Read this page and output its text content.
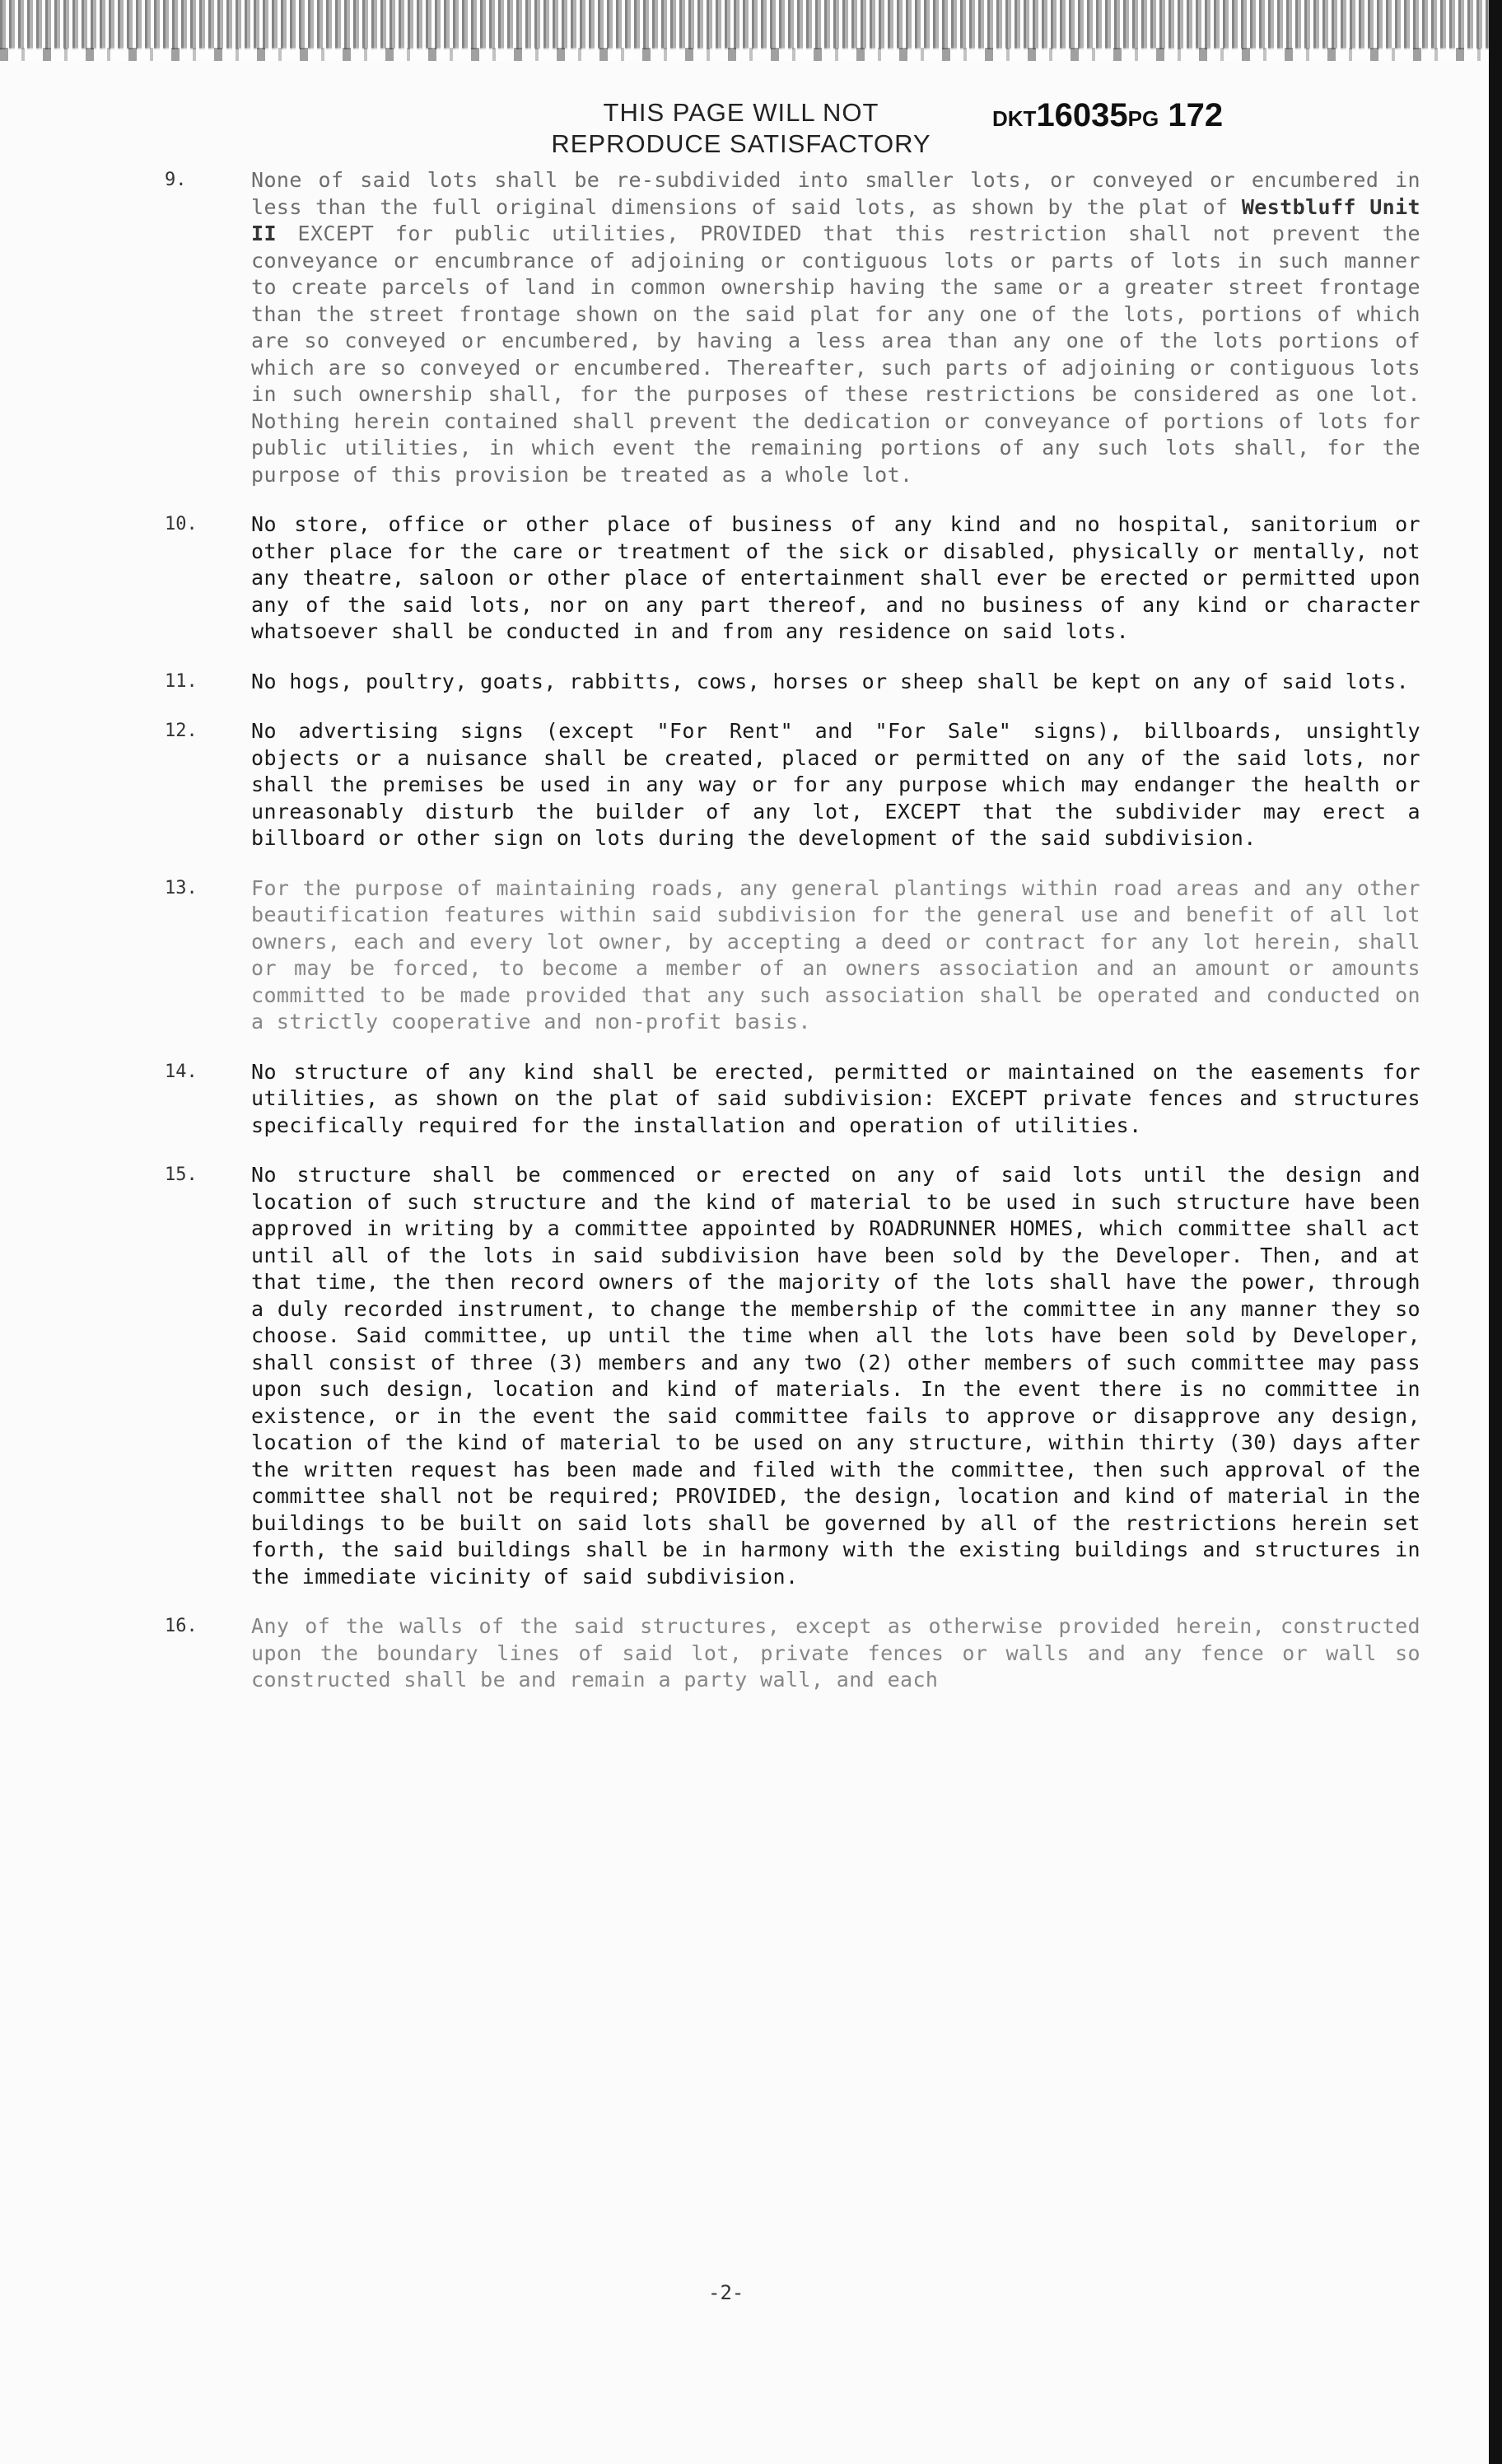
THIS PAGE WILL NOT
REPRODUCE SATISFACTORY
DKT16035PG 172
9.	None of said lots shall be re-subdivided into smaller lots, or conveyed or encumbered in less than the full original dimensions of said lots, as shown by the plat of Westbluff Unit II EXCEPT for public utilities, PROVIDED that this restriction shall not prevent the conveyance or encumbrance of adjoining or contiguous lots or parts of lots in such manner to create parcels of land in common ownership having the same or a greater street frontage than the street frontage shown on the said plat for any one of the lots, portions of which are so conveyed or encumbered, by having a less area than any one of the lots portions of which are so conveyed or encumbered. Thereafter, such parts of adjoining or contiguous lots in such ownership shall, for the purposes of these restrictions be considered as one lot. Nothing herein contained shall prevent the dedication or conveyance of portions of lots for public utilities, in which event the remaining portions of any such lots shall, for the purpose of this provision be treated as a whole lot.
10.	No store, office or other place of business of any kind and no hospital, sanitorium or other place for the care or treatment of the sick or disabled, physically or mentally, not any theatre, saloon or other place of entertainment shall ever be erected or permitted upon any of the said lots, nor on any part thereof, and no business of any kind or character whatsoever shall be conducted in and from any residence on said lots.
11.	No hogs, poultry, goats, rabbitts, cows, horses or sheep shall be kept on any of said lots.
12.	No advertising signs (except "For Rent" and "For Sale" signs), billboards, unsightly objects or a nuisance shall be created, placed or permitted on any of the said lots, nor shall the premises be used in any way or for any purpose which may endanger the health or unreasonably disturb the builder of any lot, EXCEPT that the subdivider may erect a billboard or other sign on lots during the development of the said subdivision.
13.	For the purpose of maintaining roads, any general plantings within road areas and any other beautification features within said subdivision for the general use and benefit of all lot owners, each and every lot owner, by accepting a deed or contract for any lot herein, shall or may be forced, to become a member of an owners association and an amount or amounts committed to be made provided that any such association shall be operated and conducted on a strictly cooperative and non-profit basis.
14.	No structure of any kind shall be erected, permitted or maintained on the easements for utilities, as shown on the plat of said subdivision: EXCEPT private fences and structures specifically required for the installation and operation of utilities.
15.	No structure shall be commenced or erected on any of said lots until the design and location of such structure and the kind of material to be used in such structure have been approved in writing by a committee appointed by ROADRUNNER HOMES, which committee shall act until all of the lots in said subdivision have been sold by the Developer. Then, and at that time, the then record owners of the majority of the lots shall have the power, through a duly recorded instrument, to change the membership of the committee in any manner they so choose. Said committee, up until the time when all the lots have been sold by Developer, shall consist of three (3) members and any two (2) other members of such committee may pass upon such design, location and kind of materials. In the event there is no committee in existence, or in the event the said committee fails to approve or disapprove any design, location of the kind of material to be used on any structure, within thirty (30) days after the written request has been made and filed with the committee, then such approval of the committee shall not be required; PROVIDED, the design, location and kind of material in the buildings to be built on said lots shall be governed by all of the restrictions herein set forth, the said buildings shall be in harmony with the existing buildings and structures in the immediate vicinity of said subdivision.
16.	Any of the walls of the said structures, except as otherwise provided herein, constructed upon the boundary lines of said lot, private fences or walls and any fence or wall so constructed shall be and remain a party wall, and each
-2-
